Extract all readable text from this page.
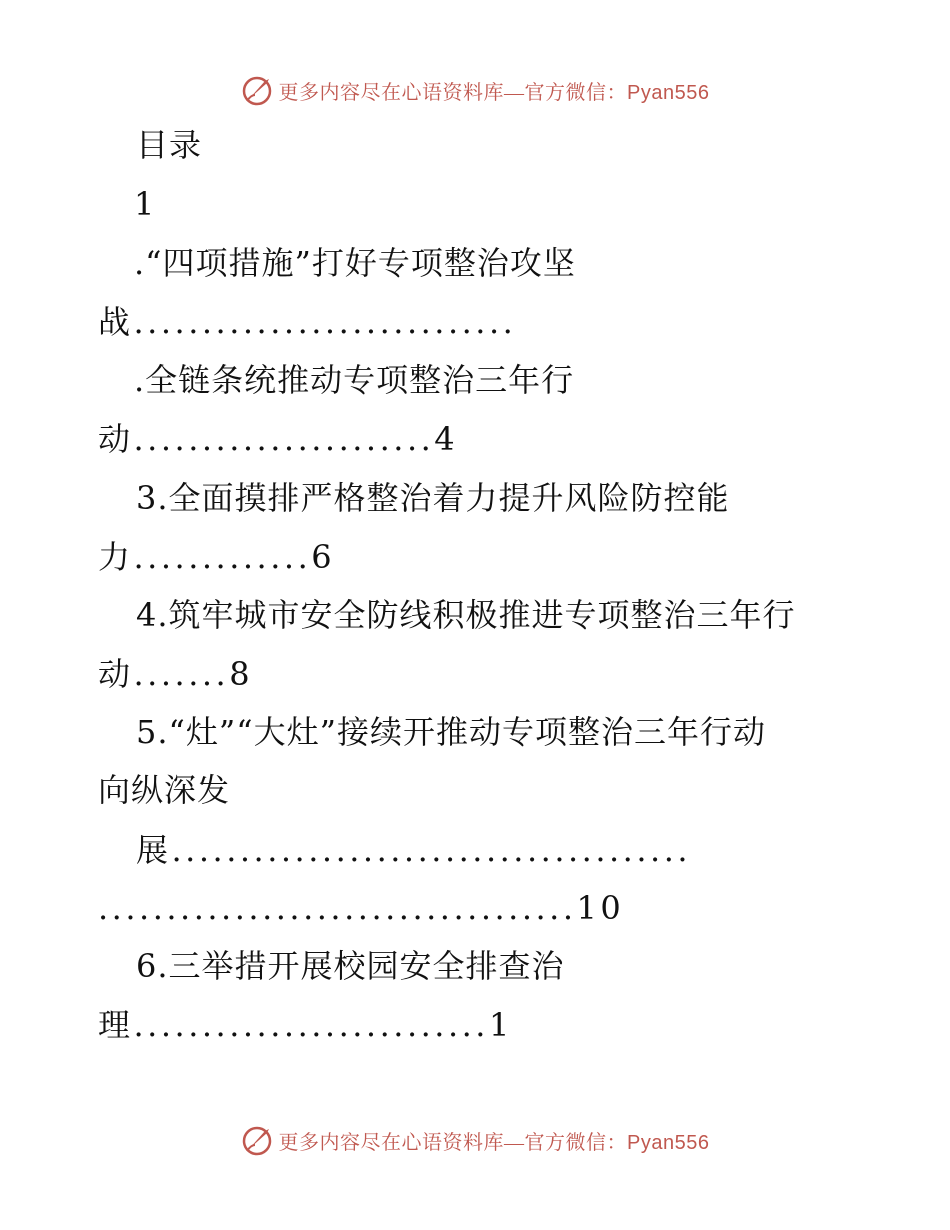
更多内容尽在心语资料库—官方微信：Pyan556
目录
1
.“四项措施”打好专项整治攻坚
战............................
.全链条统推动专项整治三年行
动......................4
3.全面摸排严格整治着力提升风险防控能
力.............6
4.筑牢城市安全防线积极推进专项整治三年行
动.......8
5.“灶”“大灶”接续开推动专项整治三年行动
向纵深发
展......................................
...................................10
6.三举措开展校园安全排查治
理..........................1
更多内容尽在心语资料库—官方微信：Pyan556
